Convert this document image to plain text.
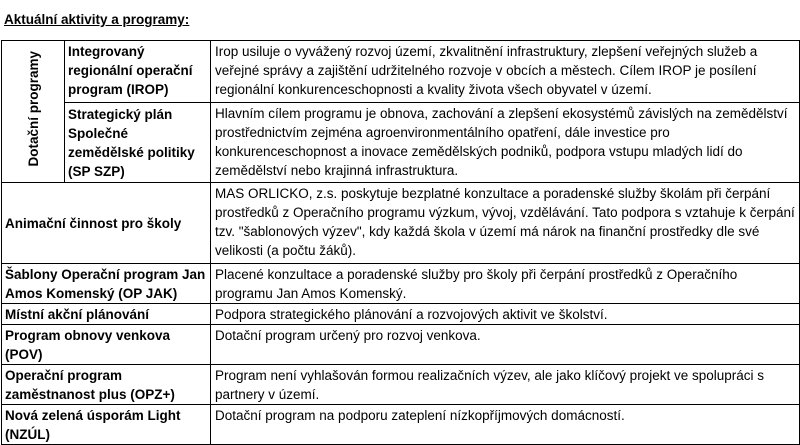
Aktuální aktivity a programy:
Dotační programy	Integrovaný regionální operační program (IROP)	Irop usiluje o vyvážený rozvoj území, zkvalitnění infrastruktury, zlepšení veřejných služeb a veřejné správy a zajištění udržitelného rozvoje v obcích a městech. Cílem IROP je posílení regionální konkurenceschopnosti a kvality života všech obyvatel v území.
	Strategický plán Společné zemědělské politiky (SP SZP)	Hlavním cílem programu je obnova, zachování a zlepšení ekosystémů závislých na zemědělství prostřednictvím zejména agroenvironmentálního opatření, dále investice pro konkurenceschopnost a inovace zemědělských podniků, podpora vstupu mladých lidí do zemědělství nebo krajinná infrastruktura.
Animační činnost pro školy		MAS ORLICKO, z.s. poskytuje bezplatné konzultace a poradenské služby školám při čerpání prostředků z Operačního programu výzkum, vývoj, vzdělávání. Tato podpora s vztahuje k čerpání tzv. "šablonových výzev", kdy každá škola v území má nárok na finanční prostředky dle své velikosti (a počtu žáků).
Šablony Operační program Jan Amos Komenský (OP JAK)		Placené konzultace a poradenské služby pro školy při čerpání prostředků z Operačního programu Jan Amos Komenský.
Místní akční plánování		Podpora strategického plánování a rozvojových aktivit ve školství.
Program obnovy venkova (POV)		Dotační program určený pro rozvoj venkova.
Operační program zaměstnanost plus (OPZ+)		Program není vyhlašován formou realizačních výzev, ale jako klíčový projekt ve spolupráci s partnery v území.
Nová zelená úsporám Light (NZÚL)		Dotační program na podporu zateplení nízkopříjmových domácností.
